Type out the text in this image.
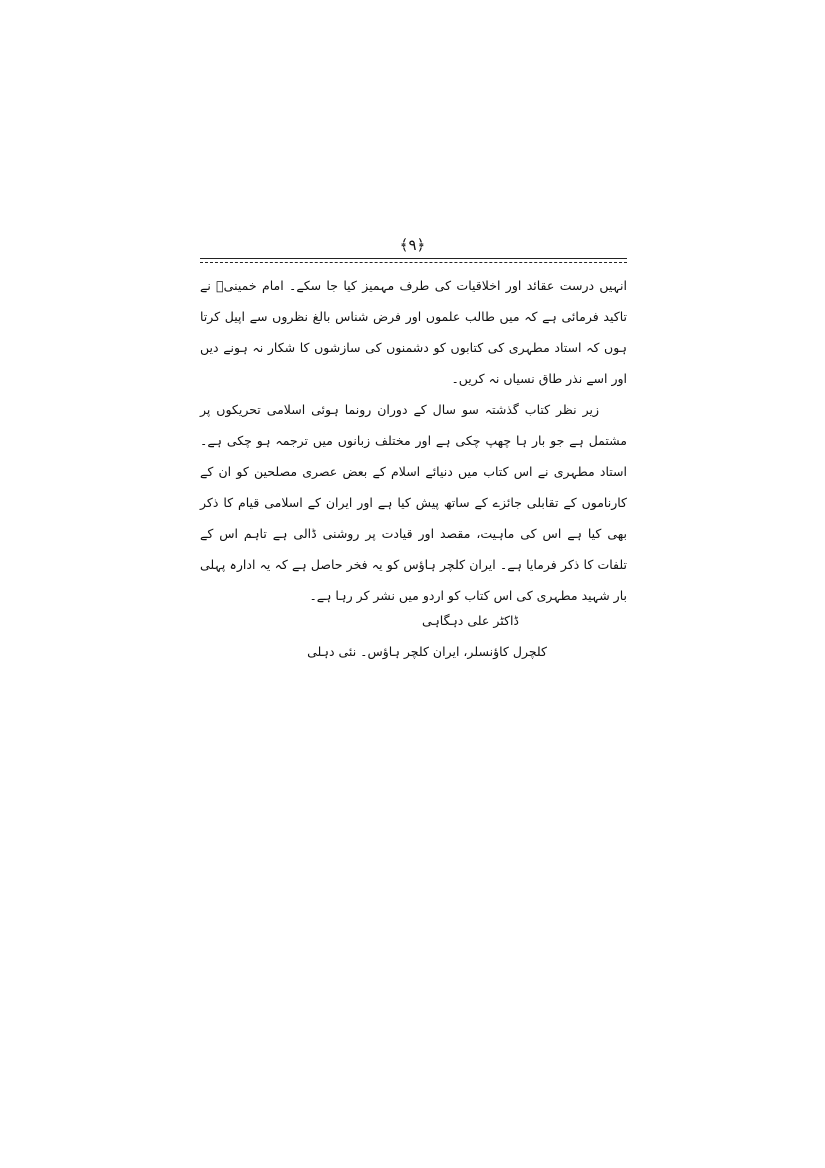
﴿۹﴾

انہیں درست عقائد اور اخلاقیات کی طرف مہمیز کیا جا سکے۔ امام خمینیؒ نے تاکید فرمائی ہے کہ میں طالب علموں اور فرض شناس بالغ نظروں سے اپیل کرتا ہوں کہ استاد مطہری کی کتابوں کو دشمنوں کی سازشوں کا شکار نہ ہونے دیں اور اسے نذر طاق نسیاں نہ کریں۔

زیر نظر کتاب گذشتہ سو سال کے دوران رونما ہوئی اسلامی تحریکوں پر مشتمل ہے جو بار ہا چھپ چکی ہے اور مختلف زبانوں میں ترجمہ ہو چکی ہے۔ استاد مطہری نے اس کتاب میں دنیائے اسلام کے بعض عصری مصلحین کو ان کے کارناموں کے تقابلی جائزے کے ساتھ پیش کیا ہے اور ایران کے اسلامی قیام کا ذکر بھی کیا ہے اس کی ماہیت، مقصد اور قیادت پر روشنی ڈالی ہے تاہم اس کے تلفات کا ذکر فرمایا ہے۔ ایران کلچر ہاؤس کو یہ فخر حاصل ہے کہ یہ ادارہ پہلی بار شہید مطہری کی اس کتاب کو اردو میں نشر کر رہا ہے۔

ڈاکٹر علی دہگاہی
کلچرل کاؤنسلر، ایران کلچر ہاؤس۔ نئی دہلی
